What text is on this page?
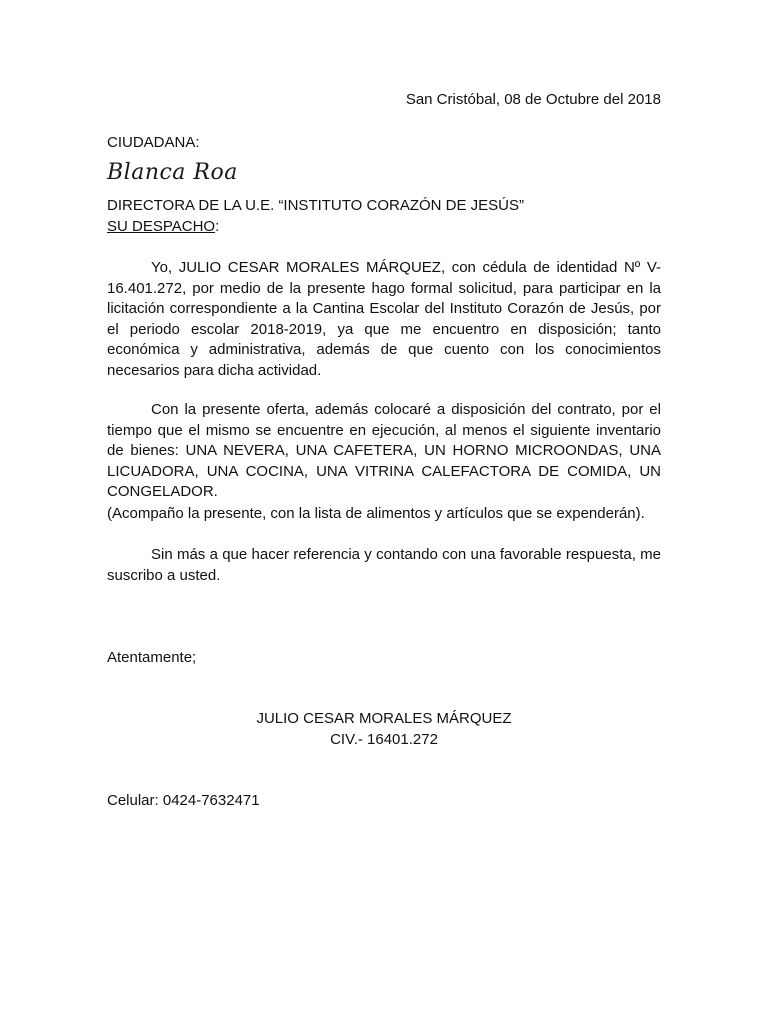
San Cristóbal, 08 de Octubre del 2018
CIUDADANA:
Blanca Roa
DIRECTORA DE LA U.E. “INSTITUTO CORAZÓN DE JESÚS”
SU DESPACHO:

Yo, JULIO CESAR MORALES MÁRQUEZ, con cédula de identidad Nº V-16.401.272, por medio de la presente hago formal solicitud, para participar en la licitación correspondiente a la Cantina Escolar del Instituto Corazón de Jesús, por el periodo escolar 2018-2019, ya que me encuentro en disposición; tanto económica y administrativa, además de que cuento con los conocimientos necesarios para dicha actividad.

Con la presente oferta, además colocaré a disposición del contrato, por el tiempo que el mismo se encuentre en ejecución, al menos el siguiente inventario de bienes: UNA NEVERA, UNA CAFETERA, UN HORNO MICROONDAS, UNA LICUADORA, UNA COCINA, UNA VITRINA CALEFACTORA DE COMIDA, UN CONGELADOR.

(Acompaño la presente, con la lista de alimentos y artículos que se expenderán).

Sin más a que hacer referencia y contando con una favorable respuesta, me suscribo a usted.

Atentamente;
JULIO CESAR MORALES MÁRQUEZ
CIV.- 16401.272
Celular: 0424-7632471
